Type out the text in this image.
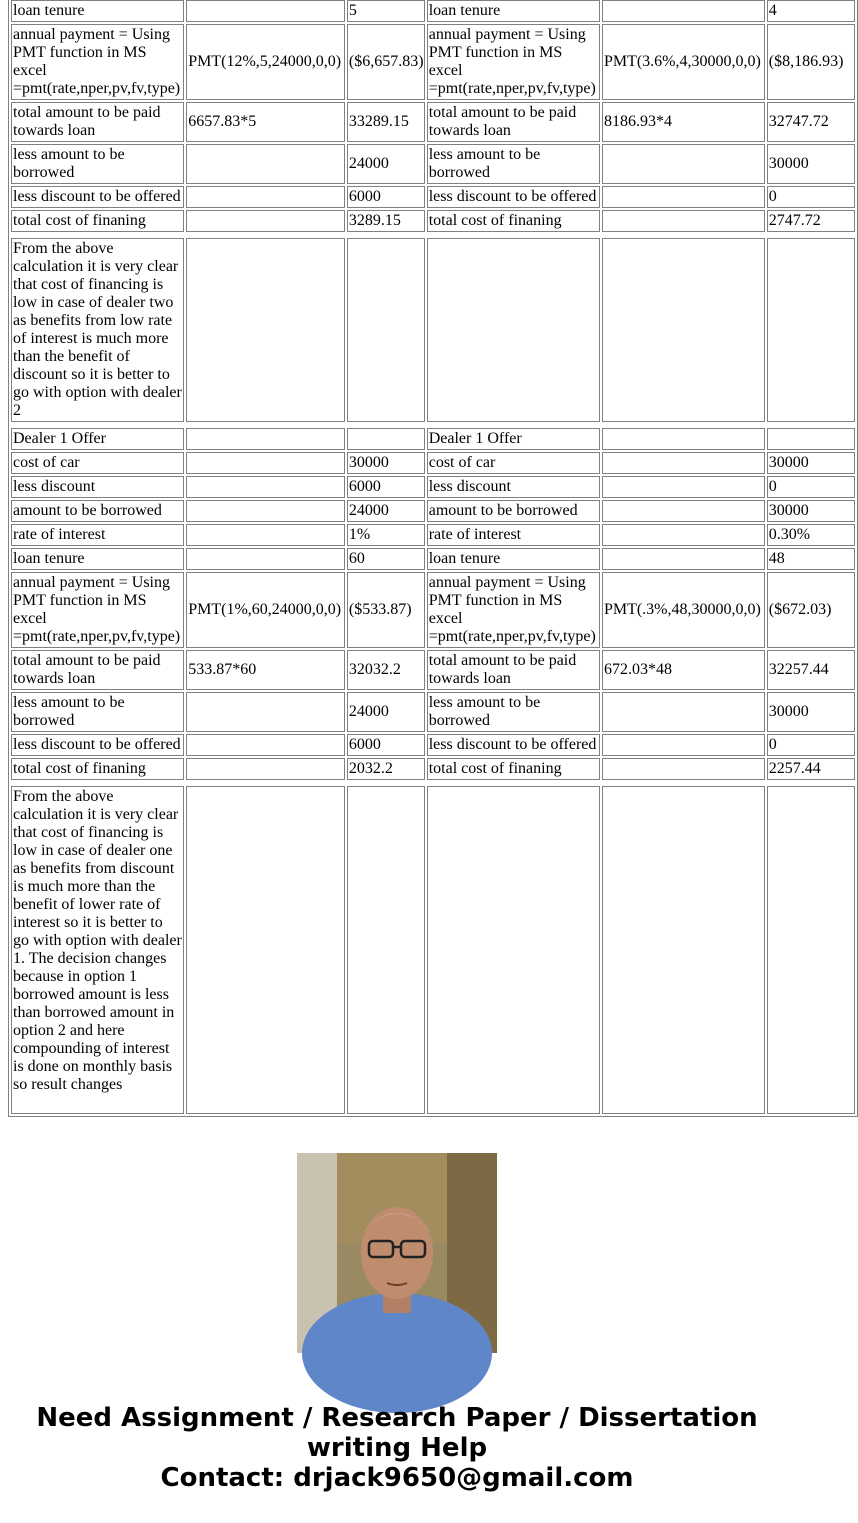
loan tenure		5	loan tenure		4
annual payment = Using PMT function in MS excel =pmt(rate,nper,pv,fv,type)	PMT(12%,5,24000,0,0)	($6,657.83)	annual payment = Using PMT function in MS excel =pmt(rate,nper,pv,fv,type)	PMT(3.6%,4,30000,0,0)	($8,186.93)
total amount to be paid towards loan	6657.83*5	33289.15	total amount to be paid towards loan	8186.93*4	32747.72
less amount to be borrowed		24000	less amount to be borrowed		30000
less discount to be offered		6000	less discount to be offered		0
total cost of finaning		3289.15	total cost of finaning		2747.72

From the above calculation it is very clear that cost of financing is low in case of dealer two as benefits from low rate of interest is much more than the benefit of discount so it is better to go with option with dealer 2					

Dealer 1 Offer			Dealer 1 Offer		
cost of car		30000	cost of car		30000
less discount		6000	less discount		0
amount to be borrowed		24000	amount to be borrowed		30000
rate of interest		1%	rate of interest		0.30%
loan tenure		60	loan tenure		48
annual payment = Using PMT function in MS excel =pmt(rate,nper,pv,fv,type)	PMT(1%,60,24000,0,0)	($533.87)	annual payment = Using PMT function in MS excel =pmt(rate,nper,pv,fv,type)	PMT(.3%,48,30000,0,0)	($672.03)
total amount to be paid towards loan	533.87*60	32032.2	total amount to be paid towards loan	672.03*48	32257.44
less amount to be borrowed		24000	less amount to be borrowed		30000
less discount to be offered		6000	less discount to be offered		0
total cost of finaning		2032.2	total cost of finaning		2257.44

From the above calculation it is very clear that cost of financing is low in case of dealer one as benefits from discount is much more than the benefit of lower rate of interest so it is better to go with option with dealer 1. The decision changes because in option 1 borrowed amount is less than borrowed amount in option 2 and here compounding of interest is done on monthly basis so result changes					
Need Assignment / Research Paper / Dissertation writing Help
Contact: drjack9650@gmail.com
